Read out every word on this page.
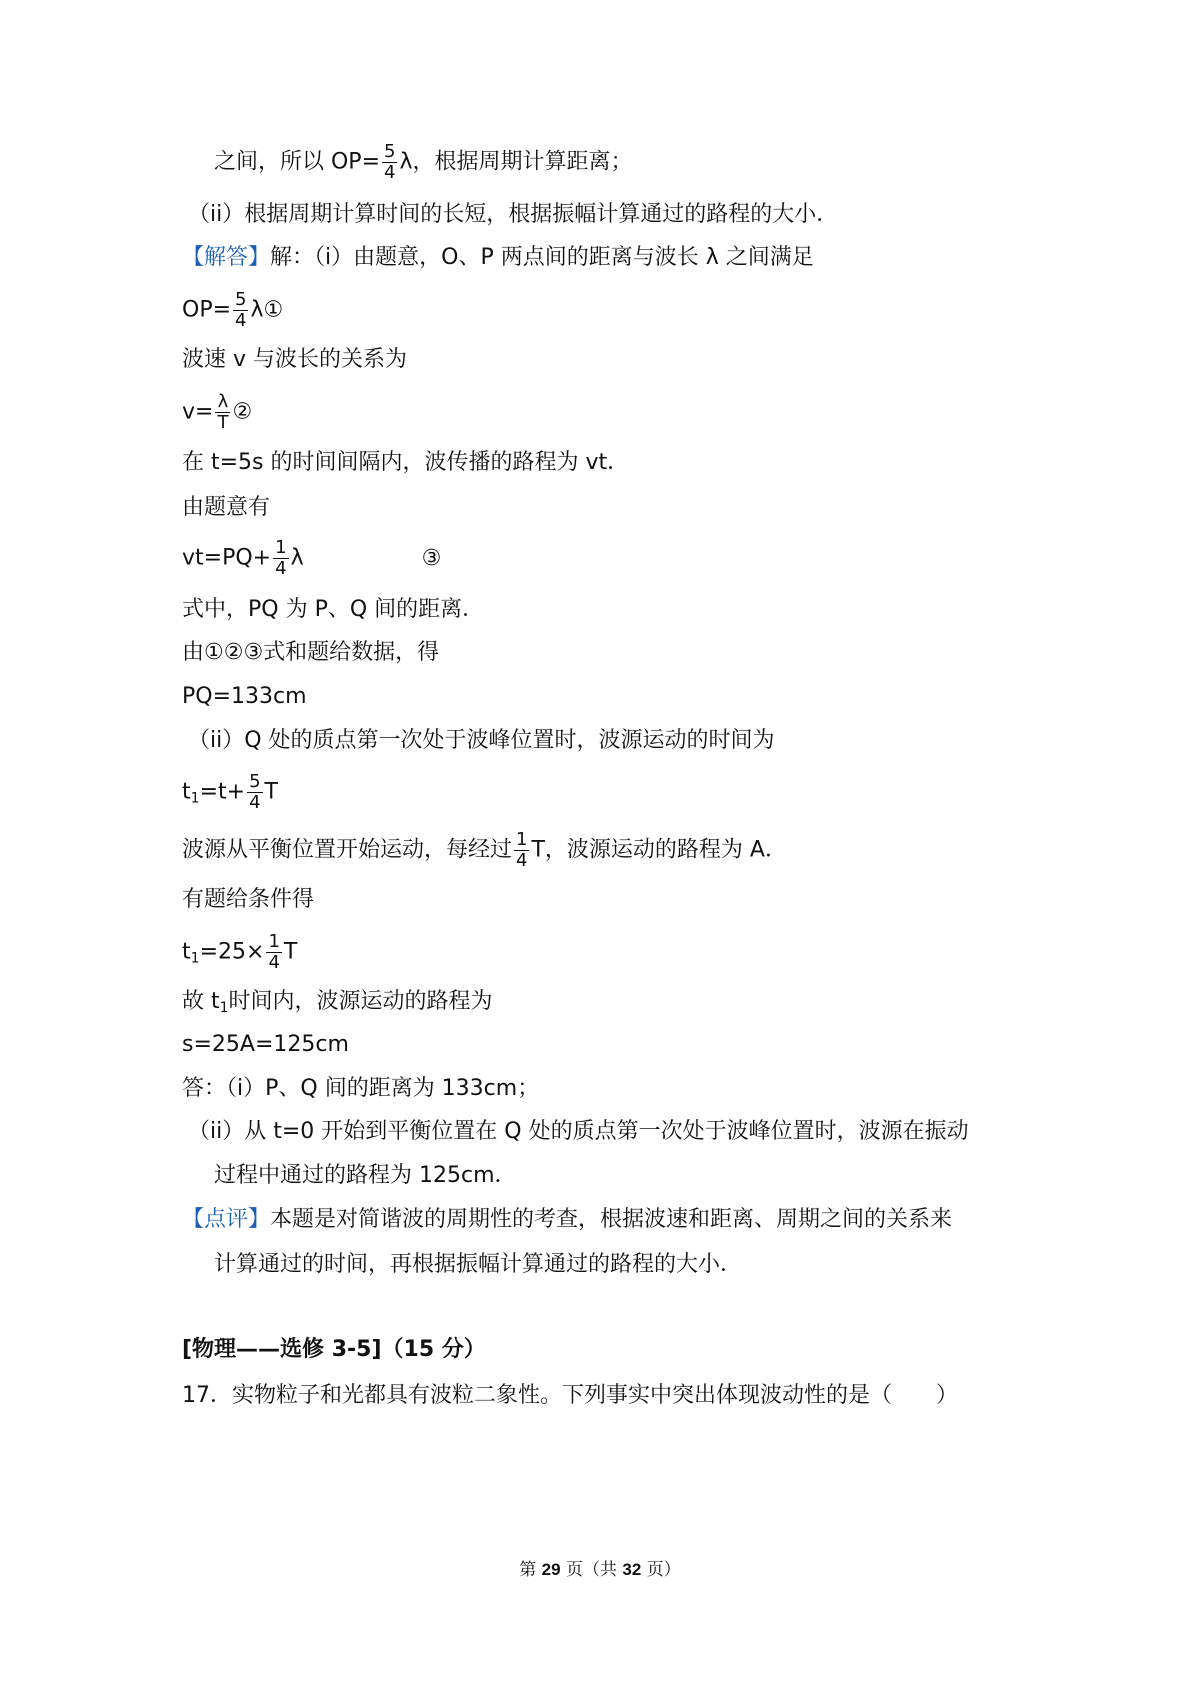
之间，所以 $OP= \frac{5}{4}$ λ，根据周期计算距离；
（ii）根据周期计算时间的长短，根据振幅计算通过的路程的大小．
【解答】解：（i）由题意，O、P 两点间的距离与波长 λ 之间满足
$OP= \frac{5}{4}$ λ①
波速 v 与波长的关系为
$v= \frac{\lambda}{T}$ ②
在 t=5s 的时间间隔内，波传播的路程为 vt．
由题意有
$vt=PQ+ \frac{1}{4}$ λ	③
式中，PQ 为 P、Q 间的距离．
由①②③式和题给数据，得
PQ=133cm
（ii）Q 处的质点第一次处于波峰位置时，波源运动的时间为
$t_1=t+ \frac{5}{4}$ T
波源从平衡位置开始运动，每经过 $\frac{1}{4}$ T，波源运动的路程为 A．
有题给条件得
$t_1=25\times \frac{1}{4}$ T
故 $t_1$时间内，波源运动的路程为
s=25A=125cm
答：（i）P、Q 间的距离为 133cm；
（ii）从 t=0 开始到平衡位置在 Q 处的质点第一次处于波峰位置时，波源在振动
过程中通过的路程为 125cm．
【点评】本题是对简谐波的周期性的考查，根据波速和距离、周期之间的关系来
计算通过的时间，再根据振幅计算通过的路程的大小．
[物理——选修 3-5]（15 分）
17．实物粒子和光都具有波粒二象性。下列事实中突出体现波动性的是（　　）
第 29 页（共 32 页）
